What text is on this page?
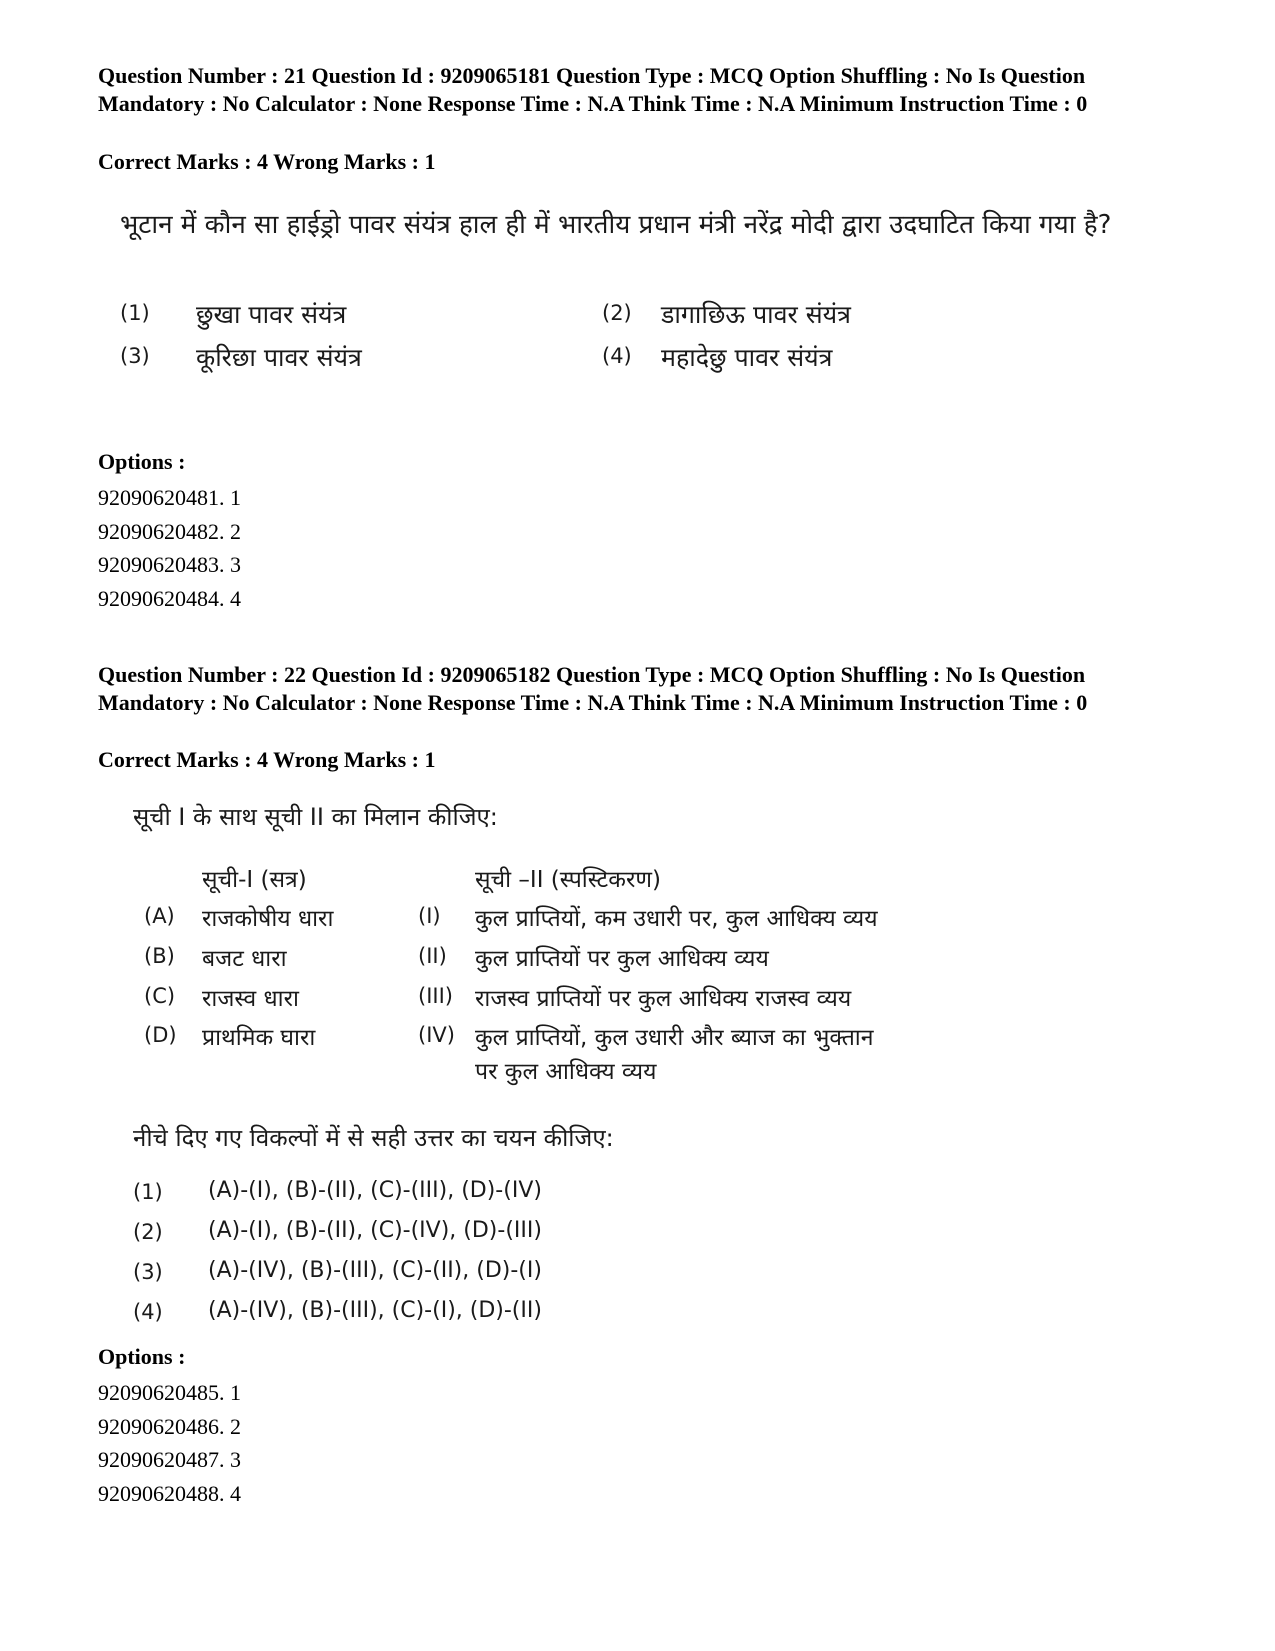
Question Number : 21 Question Id : 9209065181 Question Type : MCQ Option Shuffling : No Is Question Mandatory : No Calculator : None Response Time : N.A Think Time : N.A Minimum Instruction Time : 0
Correct Marks : 4 Wrong Marks : 1
भूटान में कौन सा हाईड्रो पावर संयंत्र हाल ही में भारतीय प्रधान मंत्री नरेंद्र मोदी द्वारा उदघाटित किया गया है?
(1) छुखा पावर संयंत्र	(2) डागाछिऊ पावर संयंत्र
(3) कूरिछा पावर संयंत्र	(4) महादेछु पावर संयंत्र
Options :
92090620481. 1
92090620482. 2
92090620483. 3
92090620484. 4
Question Number : 22 Question Id : 9209065182 Question Type : MCQ Option Shuffling : No Is Question Mandatory : No Calculator : None Response Time : N.A Think Time : N.A Minimum Instruction Time : 0
Correct Marks : 4 Wrong Marks : 1
सूची I के साथ सूची II का मिलान कीजिए:
सूची-I (सत्र)	सूची –II (स्पस्टिकरण)
(A) राजकोषीय धारा	(I) कुल प्राप्तियों, कम उधारी पर, कुल आधिक्य व्यय
(B) बजट धारा	(II) कुल प्राप्तियों पर कुल आधिक्य व्यय
(C) राजस्व धारा	(III) राजस्व प्राप्तियों पर कुल आधिक्य राजस्व व्यय
(D) प्राथमिक घारा	(IV) कुल प्राप्तियों, कुल उधारी और ब्याज का भुक्तान
पर कुल आधिक्य व्यय
नीचे दिए गए विकल्पों में से सही उत्तर का चयन कीजिए:
(1) (A)-(I), (B)-(II), (C)-(III), (D)-(IV)
(2) (A)-(I), (B)-(II), (C)-(IV), (D)-(III)
(3) (A)-(IV), (B)-(III), (C)-(II), (D)-(I)
(4) (A)-(IV), (B)-(III), (C)-(I), (D)-(II)
Options :
92090620485. 1
92090620486. 2
92090620487. 3
92090620488. 4
